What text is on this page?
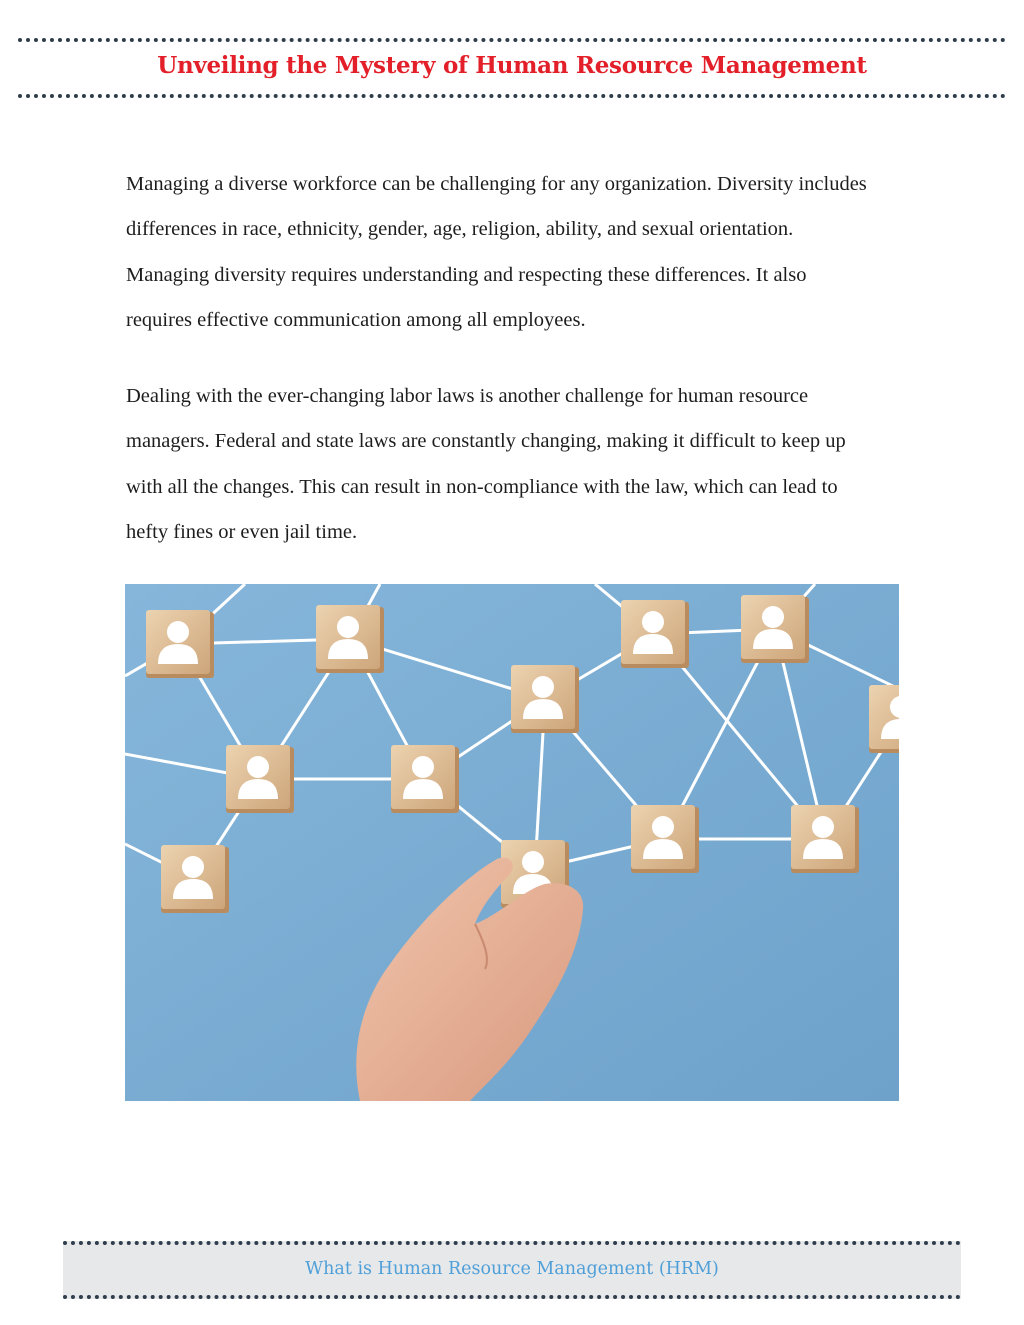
Unveiling the Mystery of Human Resource Management
Managing a diverse workforce can be challenging for any organization. Diversity includes
differences in race, ethnicity, gender, age, religion, ability, and sexual orientation.
Managing diversity requires understanding and respecting these differences. It also
requires effective communication among all employees.
Dealing with the ever-changing labor laws is another challenge for human resource
managers. Federal and state laws are constantly changing, making it difficult to keep up
with all the changes. This can result in non-compliance with the law, which can lead to
hefty fines or even jail time.
What is Human Resource Management (HRM)
